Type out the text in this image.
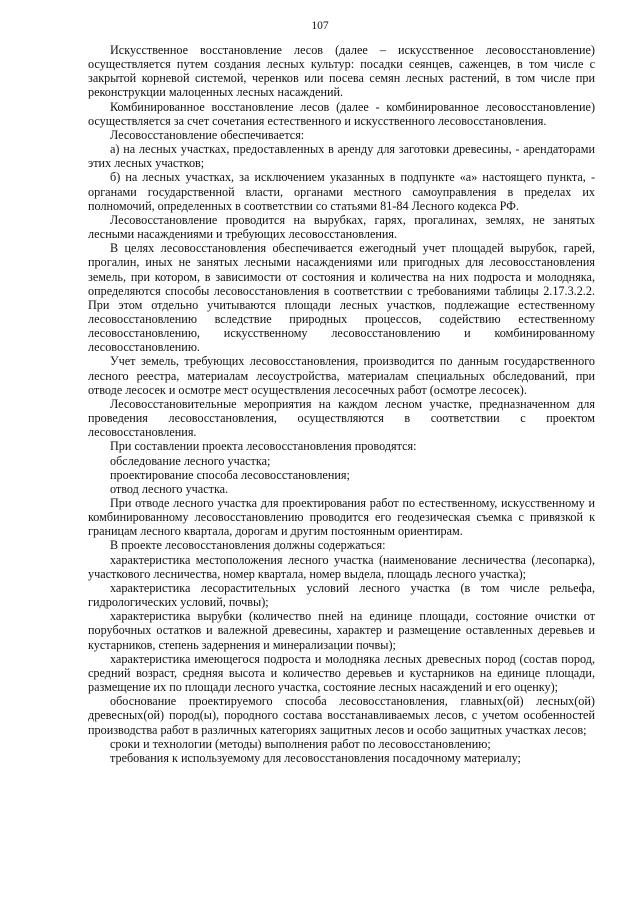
107

Искусственное восстановление лесов (далее – искусственное лесовосстановление) осуществляется путем создания лесных культур: посадки сеянцев, саженцев, в том числе с закрытой корневой системой, черенков или посева семян лесных растений, в том числе при реконструкции малоценных лесных насаждений.

Комбинированное восстановление лесов (далее - комбинированное лесовосстановление) осуществляется за счет сочетания естественного и искусственного лесовосстановления.

Лесовосстановление обеспечивается:

а) на лесных участках, предоставленных в аренду для заготовки древесины, - арендаторами этих лесных участков;

б) на лесных участках, за исключением указанных в подпункте «а» настоящего пункта, - органами государственной власти, органами местного самоуправления в пределах их полномочий, определенных в соответствии со статьями 81-84 Лесного кодекса РФ.

Лесовосстановление проводится на вырубках, гарях, прогалинах, землях, не занятых лесными насаждениями и требующих лесовосстановления.

В целях лесовосстановления обеспечивается ежегодный учет площадей вырубок, гарей, прогалин, иных не занятых лесными насаждениями или пригодных для лесовосстановления земель, при котором, в зависимости от состояния и количества на них подроста и молодняка, определяются способы лесовосстановления в соответствии с требованиями таблицы 2.17.3.2.2. При этом отдельно учитываются площади лесных участков, подлежащие естественному лесовосстановлению вследствие природных процессов, содействию естественному лесовосстановлению, искусственному лесовосстановлению и комбинированному лесовосстановлению.

Учет земель, требующих лесовосстановления, производится по данным государственного лесного реестра, материалам лесоустройства, материалам специальных обследований, при отводе лесосек и осмотре мест осуществления лесосечных работ (осмотре лесосек).

Лесовосстановительные мероприятия на каждом лесном участке, предназначенном для проведения лесовосстановления, осуществляются в соответствии с проектом лесовосстановления.

При составлении проекта лесовосстановления проводятся:

обследование лесного участка;

проектирование способа лесовосстановления;

отвод лесного участка.

При отводе лесного участка для проектирования работ по естественному, искусственному и комбинированному лесовосстановлению проводится его геодезическая съемка с привязкой к границам лесного квартала, дорогам и другим постоянным ориентирам.

В проекте лесовосстановления должны содержаться:

характеристика местоположения лесного участка (наименование лесничества (лесопарка), участкового лесничества, номер квартала, номер выдела, площадь лесного участка);

характеристика лесорастительных условий лесного участка (в том числе рельефа, гидрологических условий, почвы);

характеристика вырубки (количество пней на единице площади, состояние очистки от порубочных остатков и валежной древесины, характер и размещение оставленных деревьев и кустарников, степень задернения и минерализации почвы);

характеристика имеющегося подроста и молодняка лесных древесных пород (состав пород, средний возраст, средняя высота и количество деревьев и кустарников на единице площади, размещение их по площади лесного участка, состояние лесных насаждений и его оценку);

обоснование проектируемого способа лесовосстановления, главных(ой) лесных(ой) древесных(ой) пород(ы), породного состава восстанавливаемых лесов, с учетом особенностей производства работ в различных категориях защитных лесов и особо защитных участках лесов;

сроки и технологии (методы) выполнения работ по лесовосстановлению;

требования к используемому для лесовосстановления посадочному материалу;
